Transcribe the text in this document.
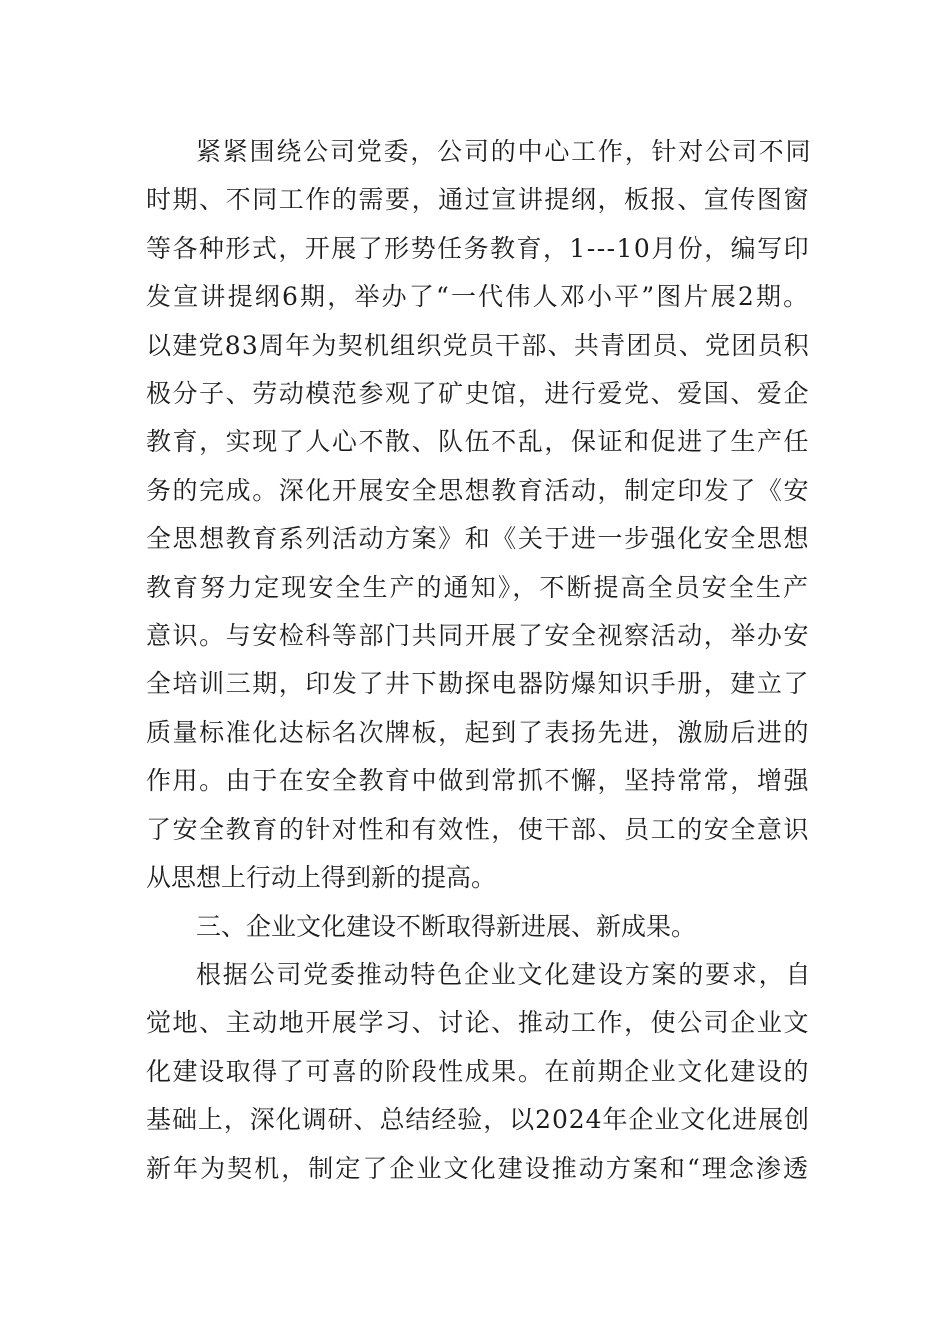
紧紧围绕公司党委，公司的中心工作，针对公司不同
时期、不同工作的需要，通过宣讲提纲，板报、宣传图窗
等各种形式，开展了形势任务教育，1---10月份，编写印
发宣讲提纲6期，举办了“一代伟人邓小平”图片展2期。
以建党83周年为契机组织党员干部、共青团员、党团员积
极分子、劳动模范参观了矿史馆，进行爱党、爱国、爱企
教育，实现了人心不散、队伍不乱，保证和促进了生产任
务的完成。深化开展安全思想教育活动，制定印发了《安
全思想教育系列活动方案》和《关于进一步强化安全思想
教育努力定现安全生产的通知》，不断提高全员安全生产
意识。与安检科等部门共同开展了安全视察活动，举办安
全培训三期，印发了井下勘探电器防爆知识手册，建立了
质量标准化达标名次牌板，起到了表扬先进，激励后进的
作用。由于在安全教育中做到常抓不懈，坚持常常，增强
了安全教育的针对性和有效性，使干部、员工的安全意识
从思想上行动上得到新的提高。
三、企业文化建设不断取得新进展、新成果。
根据公司党委推动特色企业文化建设方案的要求，自
觉地、主动地开展学习、讨论、推动工作，使公司企业文
化建设取得了可喜的阶段性成果。在前期企业文化建设的
基础上，深化调研、总结经验，以2024年企业文化进展创
新年为契机，制定了企业文化建设推动方案和“理念渗透
